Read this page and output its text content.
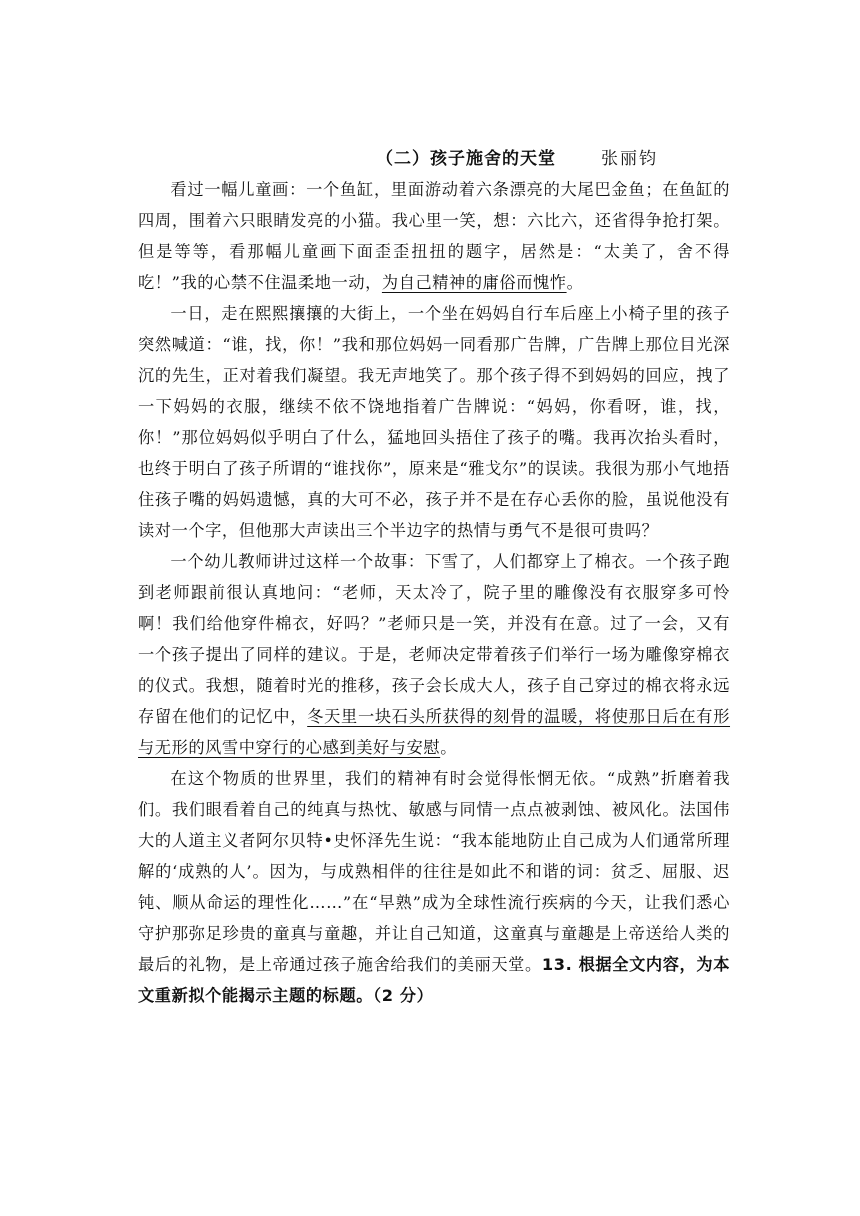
（二）孩子施舍的天堂	张丽钧

看过一幅儿童画：一个鱼缸，里面游动着六条漂亮的大尾巴金鱼；在鱼缸的四周，围着六只眼睛发亮的小猫。我心里一笑，想：六比六，还省得争抢打架。但是等等，看那幅儿童画下面歪歪扭扭的题字，居然是：“太美了，舍不得吃！”我的心禁不住温柔地一动，为自己精神的庸俗而愧怍。

一日，走在熙熙攘攘的大街上，一个坐在妈妈自行车后座上小椅子里的孩子突然喊道：“谁，找，你！”我和那位妈妈一同看那广告牌，广告牌上那位目光深沉的先生，正对着我们凝望。我无声地笑了。那个孩子得不到妈妈的回应，拽了一下妈妈的衣服，继续不依不饶地指着广告牌说：“妈妈，你看呀，谁，找，你！”那位妈妈似乎明白了什么，猛地回头捂住了孩子的嘴。我再次抬头看时，也终于明白了孩子所谓的“谁找你”，原来是“雅戈尔”的误读。我很为那小气地捂住孩子嘴的妈妈遗憾，真的大可不必，孩子并不是在存心丢你的脸，虽说他没有读对一个字，但他那大声读出三个半边字的热情与勇气不是很可贵吗？

一个幼儿教师讲过这样一个故事：下雪了，人们都穿上了棉衣。一个孩子跑到老师跟前很认真地问：“老师，天太冷了，院子里的雕像没有衣服穿多可怜啊！我们给他穿件棉衣，好吗？”老师只是一笑，并没有在意。过了一会，又有一个孩子提出了同样的建议。于是，老师决定带着孩子们举行一场为雕像穿棉衣的仪式。我想，随着时光的推移，孩子会长成大人，孩子自己穿过的棉衣将永远存留在他们的记忆中，冬天里一块石头所获得的刻骨的温暖，将使那日后在有形与无形的风雪中穿行的心感到美好与安慰。

在这个物质的世界里，我们的精神有时会觉得怅惘无依。“成熟”折磨着我们。我们眼看着自己的纯真与热忱、敏感与同情一点点被剥蚀、被风化。法国伟大的人道主义者阿尔贝特•史怀泽先生说：“我本能地防止自己成为人们通常所理解的‘成熟的人’。因为，与成熟相伴的往往是如此不和谐的词：贫乏、屈服、迟钝、顺从命运的理性化……”在“早熟”成为全球性流行疾病的今天，让我们悉心守护那弥足珍贵的童真与童趣，并让自己知道，这童真与童趣是上帝送给人类的最后的礼物，是上帝通过孩子施舍给我们的美丽天堂。13. 根据全文内容，为本文重新拟个能揭示主题的标题。（2 分）
